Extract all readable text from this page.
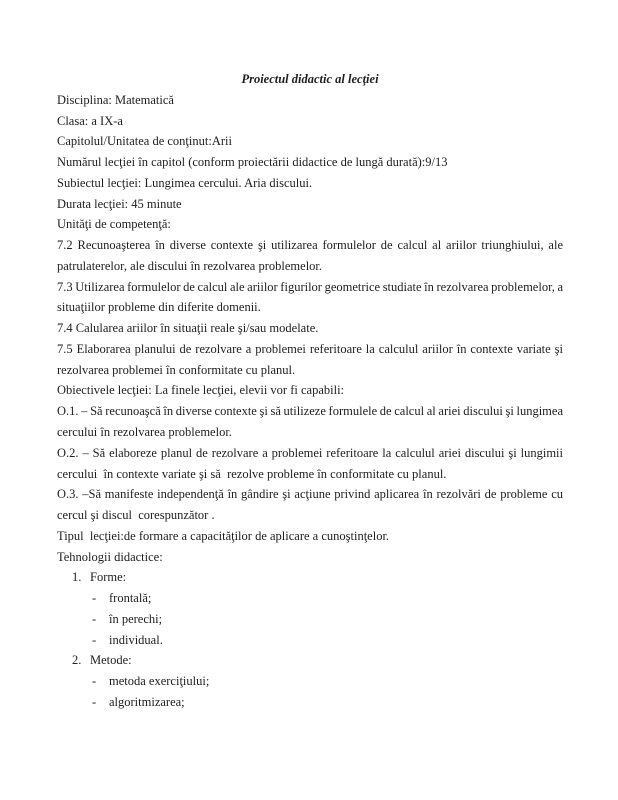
Proiectul didactic al lecţiei
Disciplina: Matematică
Clasa: a IX-a
Capitolul/Unitatea de conţinut:Arii
Numărul lecţiei în capitol (conform proiectării didactice de lungă durată):9/13
Subiectul lecţiei: Lungimea cercului. Aria discului.
Durata lecţiei: 45 minute
Unităţi de competenţă:
7.2 Recunoaşterea în diverse contexte şi utilizarea formulelor de calcul al ariilor triunghiului, ale
patrulaterelor, ale discului în rezolvarea problemelor.
7.3 Utilizarea formulelor de calcul ale ariilor figurilor geometrice studiate în rezolvarea problemelor, a
situaţiilor probleme din diferite domenii.
7.4 Calularea ariilor în situaţii reale şi/sau modelate.
7.5 Elaborarea planului de rezolvare a problemei referitoare la calculul ariilor în contexte variate şi
rezolvarea problemei în conformitate cu planul.
Obiectivele lecţiei: La finele lecţiei, elevii vor fi capabili:
O.1. – Să recunoaşcă în diverse contexte şi să utilizeze formulele de calcul al ariei discului şi lungimea
cercului în rezolvarea problemelor.
O.2. – Să elaboreze planul de rezolvare a problemei referitoare la calculul ariei discului şi lungimii
cercului  în contexte variate şi să  rezolve probleme în conformitate cu planul.
O.3. –Să manifeste independenţă în gândire şi acţiune privind aplicarea în rezolvări de probleme cu
cercul şi discul  corespunzător .
Tipul  lecţiei:de formare a capacităţilor de aplicare a cunoştinţelor.
Tehnologii didactice:
1. Forme:
- frontală;
- în perechi;
- individual.
2. Metode:
- metoda exerciţiului;
- algoritmizarea;
